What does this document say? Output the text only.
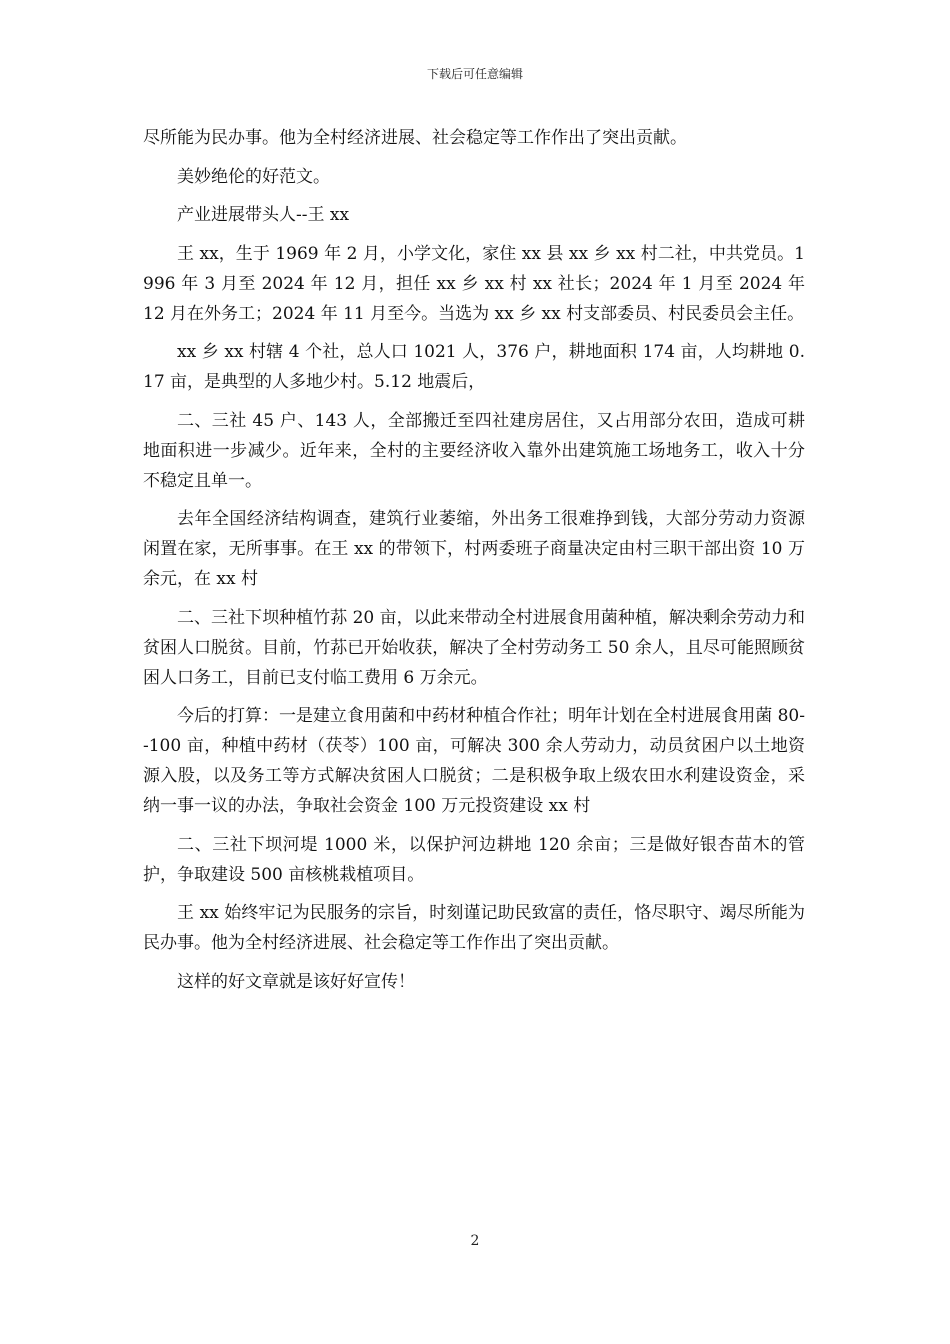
下载后可任意编辑

尽所能为民办事。他为全村经济进展、社会稳定等工作作出了突出贡献。

美妙绝伦的好范文。

产业进展带头人--王 xx

王 xx，生于 1969 年 2 月，小学文化，家住 xx 县 xx 乡 xx 村二社，中共党员。1996 年 3 月至 2024 年 12 月，担任 xx 乡 xx 村 xx 社长；2024 年 1 月至 2024 年 12 月在外务工；2024 年 11 月至今。当选为 xx 乡 xx 村支部委员、村民委员会主任。

xx 乡 xx 村辖 4 个社，总人口 1021 人，376 户，耕地面积 174 亩，人均耕地 0.17 亩，是典型的人多地少村。5.12 地震后，

二、三社 45 户、143 人，全部搬迁至四社建房居住，又占用部分农田，造成可耕地面积进一步减少。近年来，全村的主要经济收入靠外出建筑施工场地务工，收入十分不稳定且单一。

去年全国经济结构调查，建筑行业萎缩，外出务工很难挣到钱，大部分劳动力资源闲置在家，无所事事。在王 xx 的带领下，村两委班子商量决定由村三职干部出资 10 万余元，在 xx 村

二、三社下坝种植竹荪 20 亩，以此来带动全村进展食用菌种植，解决剩余劳动力和贫困人口脱贫。目前，竹荪已开始收获，解决了全村劳动务工 50 余人，且尽可能照顾贫困人口务工，目前已支付临工费用 6 万余元。

今后的打算：一是建立食用菌和中药材种植合作社；明年计划在全村进展食用菌 80--100 亩，种植中药材（茯苓）100 亩，可解决 300 余人劳动力，动员贫困户以土地资源入股，以及务工等方式解决贫困人口脱贫；二是积极争取上级农田水利建设资金，采纳一事一议的办法，争取社会资金 100 万元投资建设 xx 村

二、三社下坝河堤 1000 米，以保护河边耕地 120 余亩；三是做好银杏苗木的管护，争取建设 500 亩核桃栽植项目。

王 xx 始终牢记为民服务的宗旨，时刻谨记助民致富的责任，恪尽职守、竭尽所能为民办事。他为全村经济进展、社会稳定等工作作出了突出贡献。

这样的好文章就是该好好宣传！

2
